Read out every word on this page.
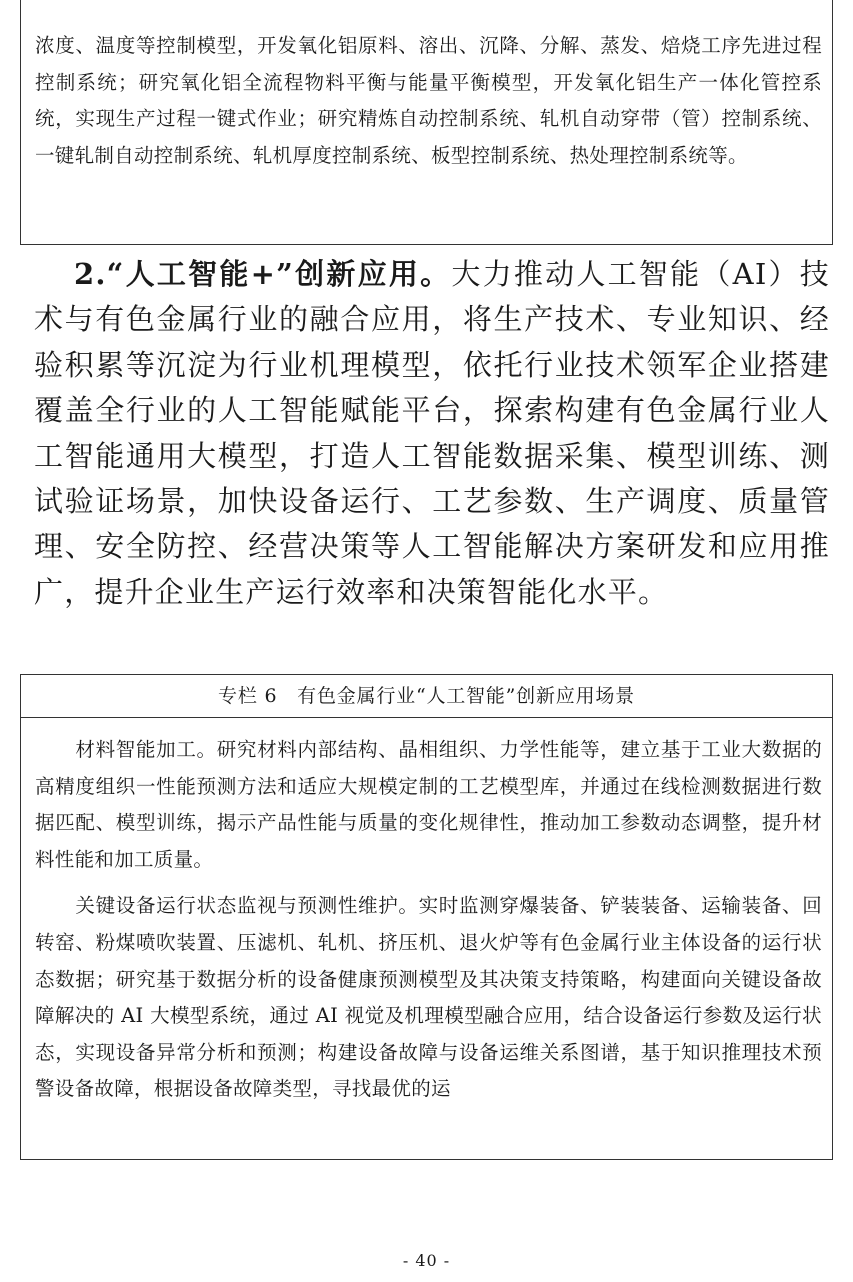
浓度、温度等控制模型，开发氧化铝原料、溶出、沉降、分解、蒸发、焙烧工序先进过程控制系统；研究氧化铝全流程物料平衡与能量平衡模型，开发氧化铝生产一体化管控系统，实现生产过程一键式作业；研究精炼自动控制系统、轧机自动穿带（管）控制系统、一键轧制自动控制系统、轧机厚度控制系统、板型控制系统、热处理控制系统等。

2.“人工智能+”创新应用。大力推动人工智能（AI）技术与有色金属行业的融合应用，将生产技术、专业知识、经验积累等沉淀为行业机理模型，依托行业技术领军企业搭建覆盖全行业的人工智能赋能平台，探索构建有色金属行业人工智能通用大模型，打造人工智能数据采集、模型训练、测试验证场景，加快设备运行、工艺参数、生产调度、质量管理、安全防控、经营决策等人工智能解决方案研发和应用推广，提升企业生产运行效率和决策智能化水平。

专栏 6　有色金属行业“人工智能”创新应用场景

材料智能加工。研究材料内部结构、晶相组织、力学性能等，建立基于工业大数据的高精度组织一性能预测方法和适应大规模定制的工艺模型库，并通过在线检测数据进行数据匹配、模型训练，揭示产品性能与质量的变化规律性，推动加工参数动态调整，提升材料性能和加工质量。

关键设备运行状态监视与预测性维护。实时监测穿爆装备、铲装装备、运输装备、回转窑、粉煤喷吹装置、压滤机、轧机、挤压机、退火炉等有色金属行业主体设备的运行状态数据；研究基于数据分析的设备健康预测模型及其决策支持策略，构建面向关键设备故障解决的 AI 大模型系统，通过 AI 视觉及机理模型融合应用，结合设备运行参数及运行状态，实现设备异常分析和预测；构建设备故障与设备运维关系图谱，基于知识推理技术预警设备故障，根据设备故障类型，寻找最优的运

- 40 -
